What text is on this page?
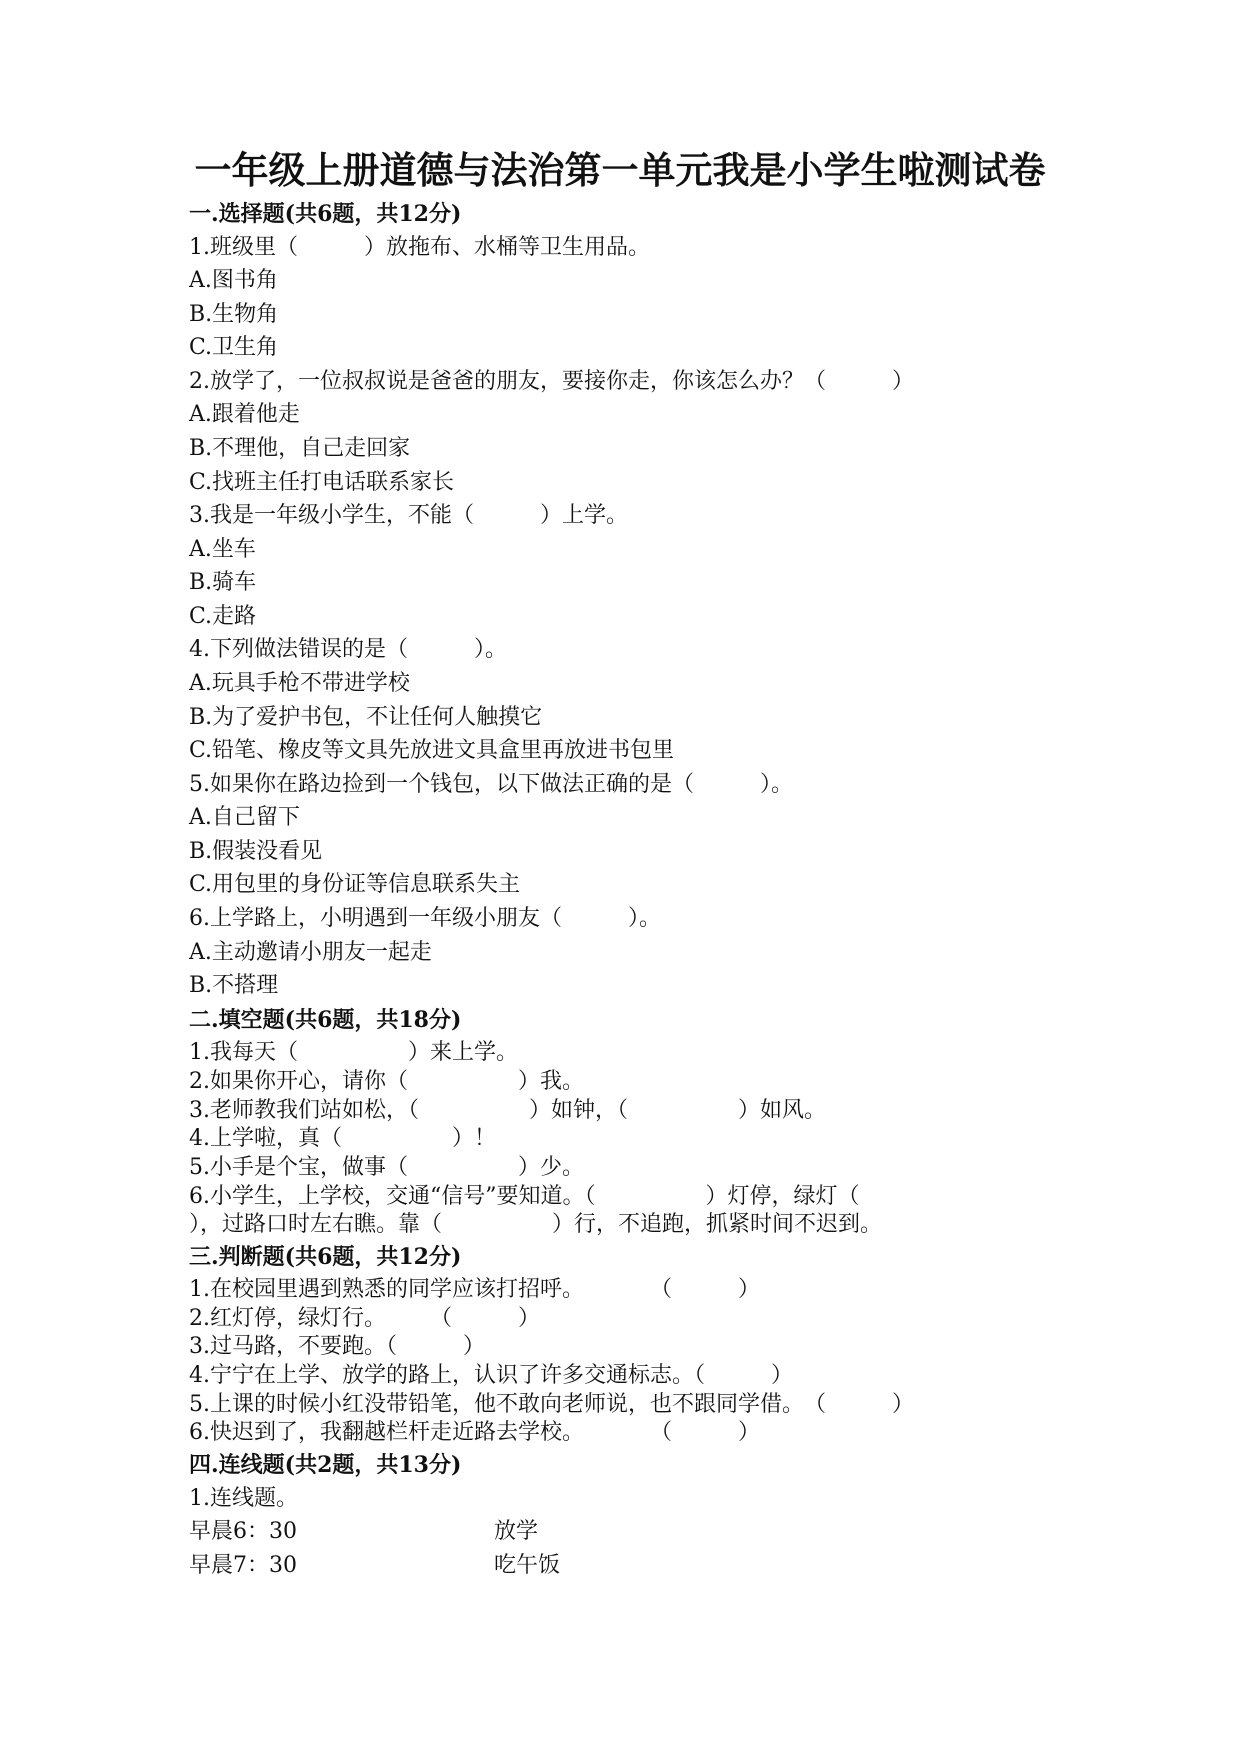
一年级上册道德与法治第一单元我是小学生啦测试卷
一.选择题(共6题，共12分)
1.班级里（　　　）放拖布、水桶等卫生用品。
A.图书角
B.生物角
C.卫生角
2.放学了，一位叔叔说是爸爸的朋友，要接你走，你该怎么办？（　　　）
A.跟着他走
B.不理他，自己走回家
C.找班主任打电话联系家长
3.我是一年级小学生，不能（　　　）上学。
A.坐车
B.骑车
C.走路
4.下列做法错误的是（　　　）。
A.玩具手枪不带进学校
B.为了爱护书包，不让任何人触摸它
C.铅笔、橡皮等文具先放进文具盒里再放进书包里
5.如果你在路边捡到一个钱包，以下做法正确的是（　　　）。
A.自己留下
B.假装没看见
C.用包里的身份证等信息联系失主
6.上学路上，小明遇到一年级小朋友（　　　）。
A.主动邀请小朋友一起走
B.不搭理
二.填空题(共6题，共18分)
1.我每天（　　　　　）来上学。
2.如果你开心，请你（　　　　　）我。
3.老师教我们站如松，（　　　　　）如钟，（　　　　　）如风。
4.上学啦，真（　　　　　）！
5.小手是个宝，做事（　　　　　）少。
6.小学生，上学校，交通“信号”要知道。（　　　　　）灯停，绿灯（
），过路口时左右瞧。靠（　　　　　）行，不追跑，抓紧时间不迟到。
三.判断题(共6题，共12分)
1.在校园里遇到熟悉的同学应该打招呼。　　　　（　　　）
2.红灯停，绿灯行。　　　（　　　）
3.过马路，不要跑。（　　　）
4.宁宁在上学、放学的路上，认识了许多交通标志。（　　　）
5.上课的时候小红没带铅笔，他不敢向老师说，也不跟同学借。　（　　　）
6.快迟到了，我翻越栏杆走近路去学校。　　　　（　　　）
四.连线题(共2题，共13分)
1.连线题。
早晨6：30	放学
早晨7：30	吃午饭
